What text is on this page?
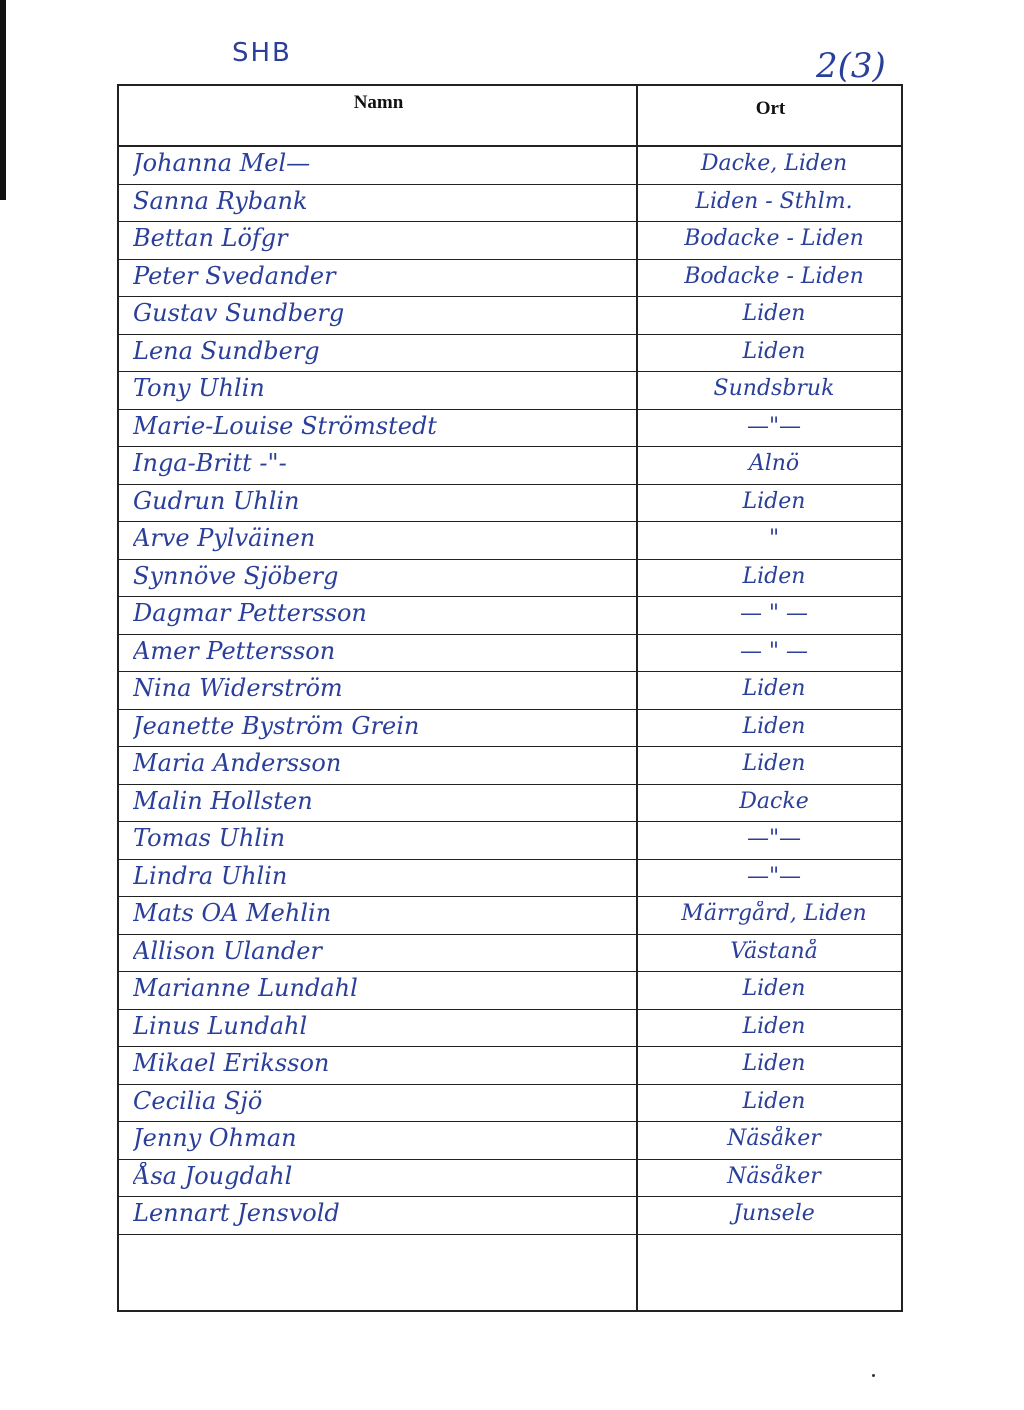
SHB	2(3)
Namn	Ort
Johanna Mel—	Dacke, Liden
Sanna Rybank	Liden - Sthlm.
Bettan Löfgr	Bodacke - Liden
Peter Svedander	Bodacke - Liden
Gustav Sundberg	Liden
Lena Sundberg	Liden
Tony Uhlin	Sundsbruk
Marie-Louise Strömstedt	—"—
Inga-Britt -"-	Alnö
Gudrun Uhlin	Liden
Arve Pylväinen	"
Synnöve Sjöberg	Liden
Dagmar Pettersson	— " —
Amer Pettersson	— " —
Nina Widerström	Liden
Jeanette Byström Grein	Liden
Maria Andersson	Liden
Malin Hollsten	Dacke
Tomas Uhlin	—"—
Lindra Uhlin	—"—
Mats OA Mehlin	Märrgård, Liden
Allison Ulander	Västanå
Marianne Lundahl	Liden
Linus Lundahl	Liden
Mikael Eriksson	Liden
Cecilia Sjö	Liden
Jenny Ohman	Näsåker
Åsa Jougdahl	Näsåker
Lennart Jensvold	Junsele
